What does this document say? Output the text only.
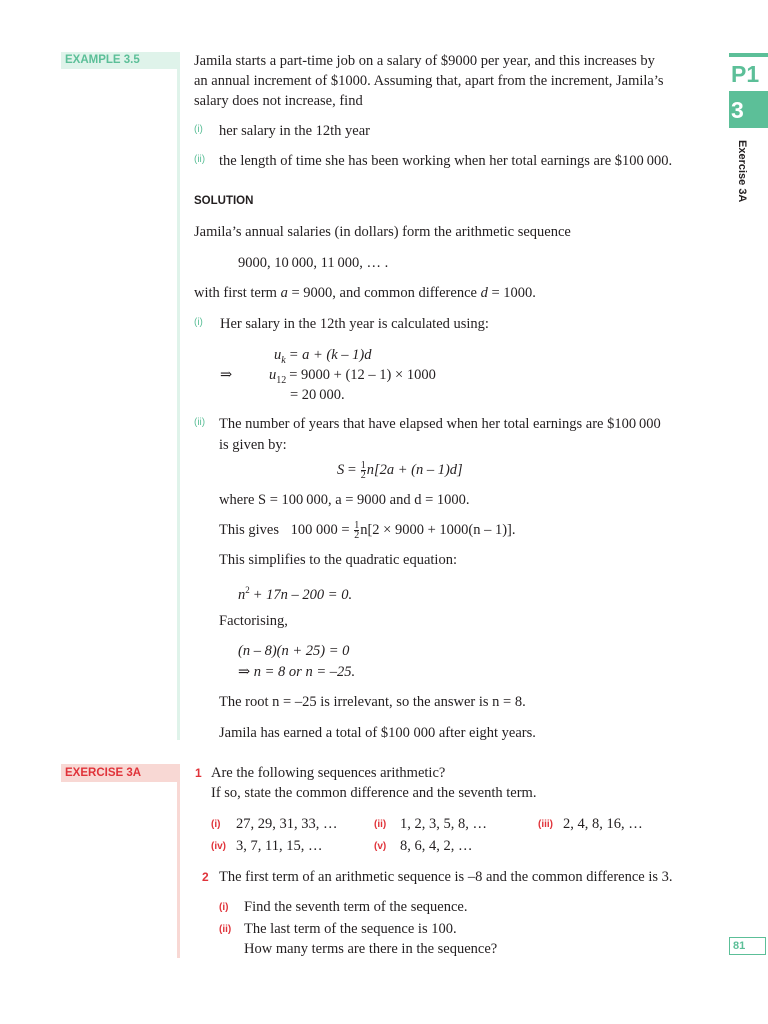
P1
3
Exercise 3A
EXAMPLE 3.5	Jamila starts a part-time job on a salary of $9000 per year, and this increases by
an annual increment of $1000. Assuming that, apart from the increment, Jamila’s
salary does not increase, find
(i) her salary in the 12th year
(ii) the length of time she has been working when her total earnings are $100 000.
SOLUTION
Jamila’s annual salaries (in dollars) form the arithmetic sequence
9000, 10 000, 11 000, … .
with first term a = 9000, and common difference d = 1000.
(i) Her salary in the 12th year is calculated using:
$u_k = a + (k - 1)d$
⇒	$u_{12} = 9000 + (12 - 1) \times 1000$
= 20 000.
(ii) The number of years that have elapsed when her total earnings are $100 000
is given by:
$S = \frac{1}{2} n[2a + (n - 1)d]$
where S = 100 000, a = 9000 and d = 1000.
This gives 100 $000 = \frac{1}{2} n[2 \times 9000 + 1000(n - 1)]$.
This simplifies to the quadratic equation:
$n^2 + 17n - 200 = 0$.
Factorising,
(n – 8)(n + 25) = 0
⇒ n = 8 or n = –25.
The root n = –25 is irrelevant, so the answer is n = 8.
Jamila has earned a total of $100 000 after eight years.
EXERCISE 3A	1 Are the following sequences arithmetic?
If so, state the common difference and the seventh term.
(i) 27, 29, 31, 33, …	(ii) 1, 2, 3, 5, 8, …	(iii) 2, 4, 8, 16, …
(iv) 3, 7, 11, 15, …	(v) 8, 6, 4, 2, …
2 The first term of an arithmetic sequence is –8 and the common difference is 3.
(i) Find the seventh term of the sequence.
(ii) The last term of the sequence is 100.
How many terms are there in the sequence?	81
